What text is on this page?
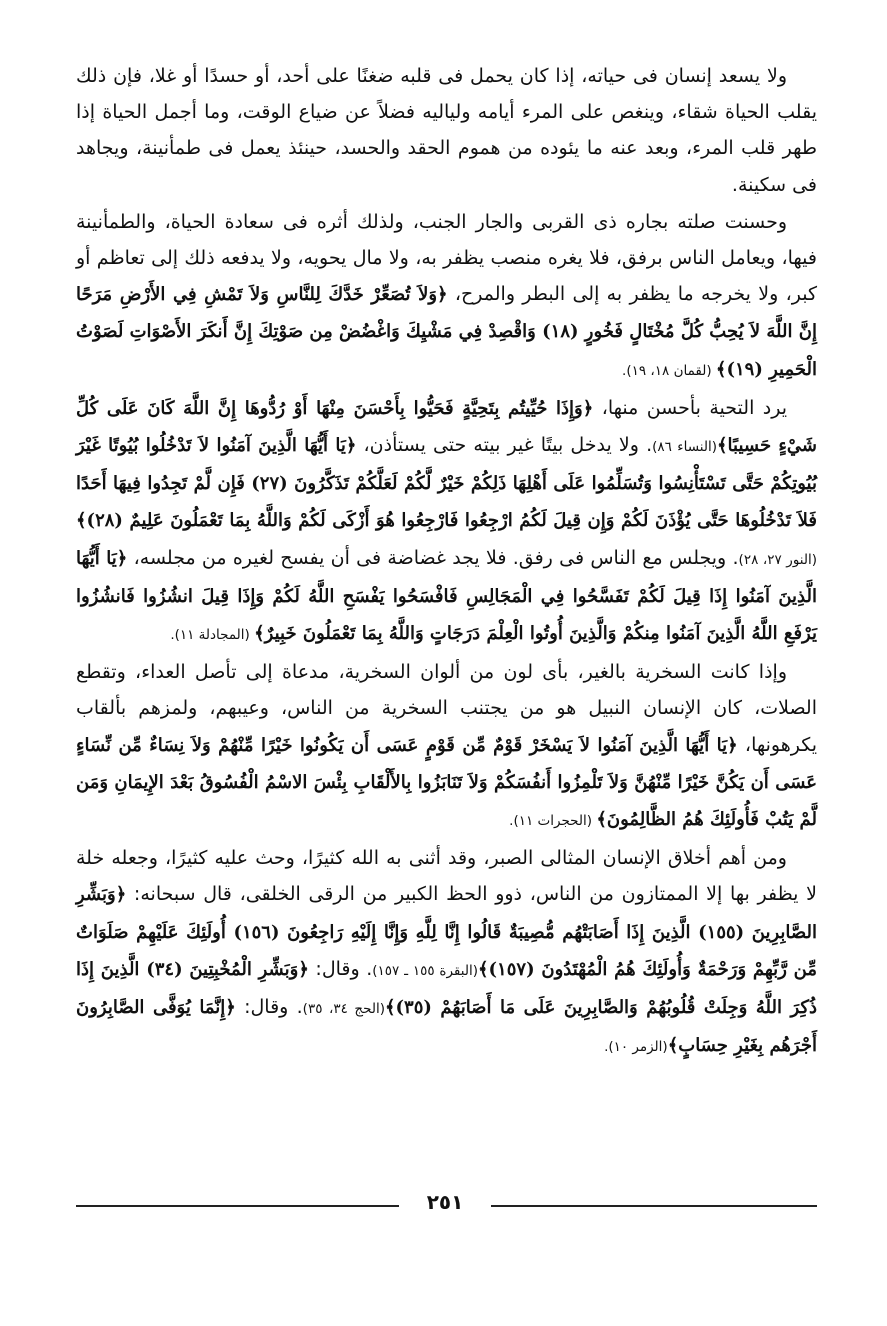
ولا يسعد إنسان فى حياته، إذا كان يحمل فى قلبه ضغنًا على أحد، أو حسدًا أو غلا، فإن ذلك يقلب الحياة شقاء، وينغص على المرء أيامه ولياليه فضلاً عن ضياع الوقت، وما أجمل الحياة إذا طهر قلب المرء، وبعد عنه ما يئوده من هموم الحقد والحسد، حينئذ يعمل فى طمأنينة، ويجاهد فى سكينة.

وحسنت صلته بجاره ذى القربى والجار الجنب، ولذلك أثره فى سعادة الحياة، والطمأنينة فيها، ويعامل الناس برفق، فلا يغره منصب يظفر به، ولا مال يحويه، ولا يدفعه ذلك إلى تعاظم أو كبر، ولا يخرجه ما يظفر به إلى البطر والمرح، ﴿وَلاَ تُصَعِّرْ خَدَّكَ لِلنَّاسِ وَلاَ تَمْشِ فِي الأَرْضِ مَرَحًا إِنَّ اللَّهَ لاَ يُحِبُّ كُلَّ مُخْتَالٍ فَخُورٍ (١٨) وَاقْصِدْ فِي مَشْيِكَ وَاغْضُضْ مِن صَوْتِكَ إِنَّ أَنكَرَ الأَصْوَاتِ لَصَوْتُ الْحَمِيرِ (١٩)﴾ (لقمان ١٨، ١٩).

يرد التحية بأحسن منها، ﴿وَإِذَا حُيِّيتُم بِتَحِيَّةٍ فَحَيُّوا بِأَحْسَنَ مِنْهَا أَوْ رُدُّوهَا إِنَّ اللَّهَ كَانَ عَلَى كُلِّ شَيْءٍ حَسِيبًا﴾(النساء ٨٦). ولا يدخل بيتًا غير بيته حتى يستأذن، ﴿يَا أَيُّهَا الَّذِينَ آمَنُوا لاَ تَدْخُلُوا بُيُوتًا غَيْرَ بُيُوتِكُمْ حَتَّى تَسْتَأْنِسُوا وَتُسَلِّمُوا عَلَى أَهْلِهَا ذَلِكُمْ خَيْرٌ لَّكُمْ لَعَلَّكُمْ تَذَكَّرُونَ (٢٧) فَإِن لَّمْ تَجِدُوا فِيهَا أَحَدًا فَلاَ تَدْخُلُوهَا حَتَّى يُؤْذَنَ لَكُمْ وَإِن قِيلَ لَكُمُ ارْجِعُوا فَارْجِعُوا هُوَ أَزْكَى لَكُمْ وَاللَّهُ بِمَا تَعْمَلُونَ عَلِيمٌ (٢٨)﴾(النور ٢٧، ٢٨). ويجلس مع الناس فى رفق. فلا يجد غضاضة فى أن يفسح لغيره من مجلسه، ﴿يَا أَيُّهَا الَّذِينَ آمَنُوا إِذَا قِيلَ لَكُمْ تَفَسَّحُوا فِي الْمَجَالِسِ فَافْسَحُوا يَفْسَحِ اللَّهُ لَكُمْ وَإِذَا قِيلَ انشُزُوا فَانشُزُوا يَرْفَعِ اللَّهُ الَّذِينَ آمَنُوا مِنكُمْ وَالَّذِينَ أُوتُوا الْعِلْمَ دَرَجَاتٍ وَاللَّهُ بِمَا تَعْمَلُونَ خَبِيرٌ﴾ (المجادلة ١١).

وإذا كانت السخرية بالغير، بأى لون من ألوان السخرية، مدعاة إلى تأصل العداء، وتقطع الصلات، كان الإنسان النبيل هو من يجتنب السخرية من الناس، وعيبهم، ولمزهم بألقاب يكرهونها، ﴿يَا أَيُّهَا الَّذِينَ آمَنُوا لاَ يَسْخَرْ قَوْمٌ مِّن قَوْمٍ عَسَى أَن يَكُونُوا خَيْرًا مِّنْهُمْ وَلاَ نِسَاءٌ مِّن نِّسَاءٍ عَسَى أَن يَكُنَّ خَيْرًا مِّنْهُنَّ وَلاَ تَلْمِزُوا أَنفُسَكُمْ وَلاَ تَنَابَزُوا بِالأَلْقَابِ بِئْسَ الاسْمُ الْفُسُوقُ بَعْدَ الإِيمَانِ وَمَن لَّمْ يَتُبْ فَأُولَئِكَ هُمُ الظَّالِمُونَ﴾ (الحجرات ١١).

ومن أهم أخلاق الإنسان المثالى الصبر، وقد أثنى به الله كثيرًا، وحث عليه كثيرًا، وجعله خلة لا يظفر بها إلا الممتازون من الناس، ذوو الحظ الكبير من الرقى الخلقى، قال سبحانه: ﴿وَبَشِّرِ الصَّابِرِينَ (١٥٥) الَّذِينَ إِذَا أَصَابَتْهُم مُّصِيبَةٌ قَالُوا إِنَّا لِلَّهِ وَإِنَّا إِلَيْهِ رَاجِعُونَ (١٥٦) أُولَئِكَ عَلَيْهِمْ صَلَوَاتٌ مِّن رَّبِّهِمْ وَرَحْمَةٌ وَأُولَئِكَ هُمُ الْمُهْتَدُونَ (١٥٧)﴾(البقرة ١٥٥ ـ ١٥٧). وقال: ﴿وَبَشِّرِ الْمُخْبِتِينَ (٣٤) الَّذِينَ إِذَا ذُكِرَ اللَّهُ وَجِلَتْ قُلُوبُهُمْ وَالصَّابِرِينَ عَلَى مَا أَصَابَهُمْ (٣٥)﴾(الحج ٣٤، ٣٥). وقال: ﴿إِنَّمَا يُوَفَّى الصَّابِرُونَ أَجْرَهُم بِغَيْرِ حِسَابٍ﴾(الزمر ١٠).

٢٥١
